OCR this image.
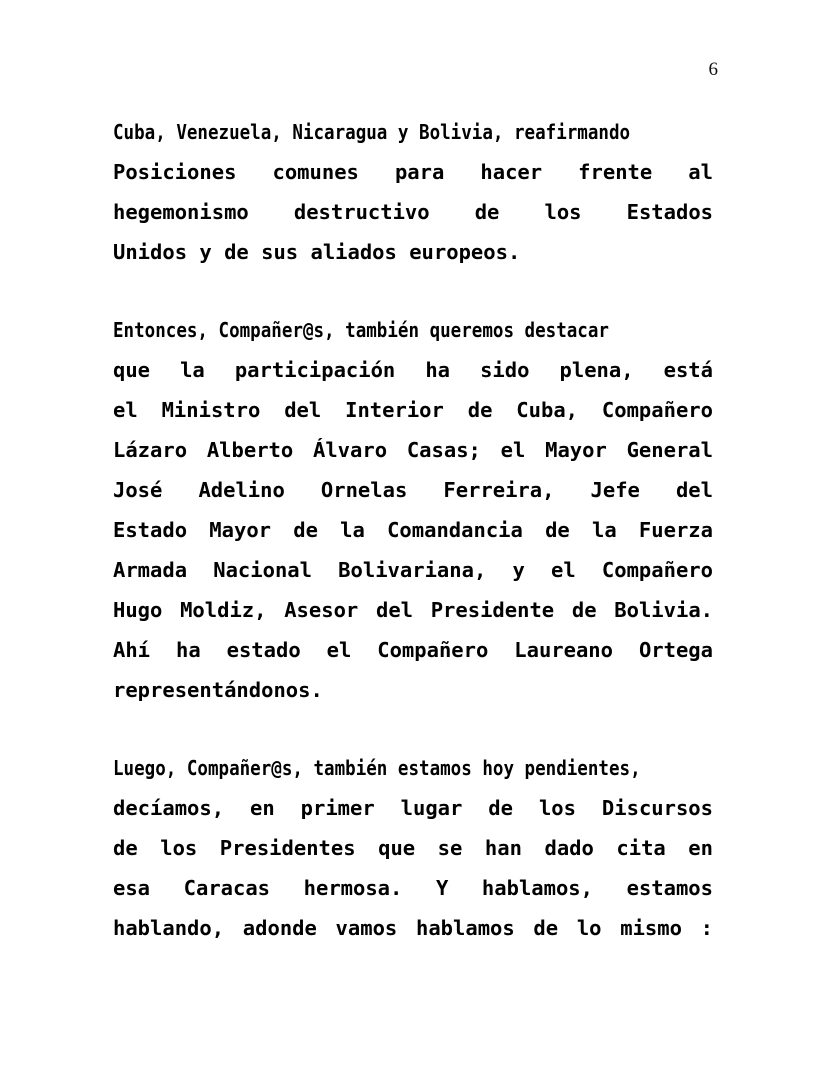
6

Cuba, Venezuela, Nicaragua y Bolivia, reafirmando
Posiciones comunes para hacer frente al
hegemonismo destructivo de los Estados
Unidos y de sus aliados europeos.

Entonces, Compañer@s, también queremos destacar
que la participación ha sido plena, está
el Ministro del Interior de Cuba, Compañero
Lázaro Alberto Álvaro Casas; el Mayor General
José Adelino Ornelas Ferreira, Jefe del
Estado Mayor de la Comandancia de la Fuerza
Armada Nacional Bolivariana, y el Compañero
Hugo Moldiz, Asesor del Presidente de Bolivia.
Ahí ha estado el Compañero Laureano Ortega
representándonos.

Luego, Compañer@s, también estamos hoy pendientes,
decíamos, en primer lugar de los Discursos
de los Presidentes que se han dado cita en
esa Caracas hermosa. Y hablamos, estamos
hablando, adonde vamos hablamos de lo mismo :
